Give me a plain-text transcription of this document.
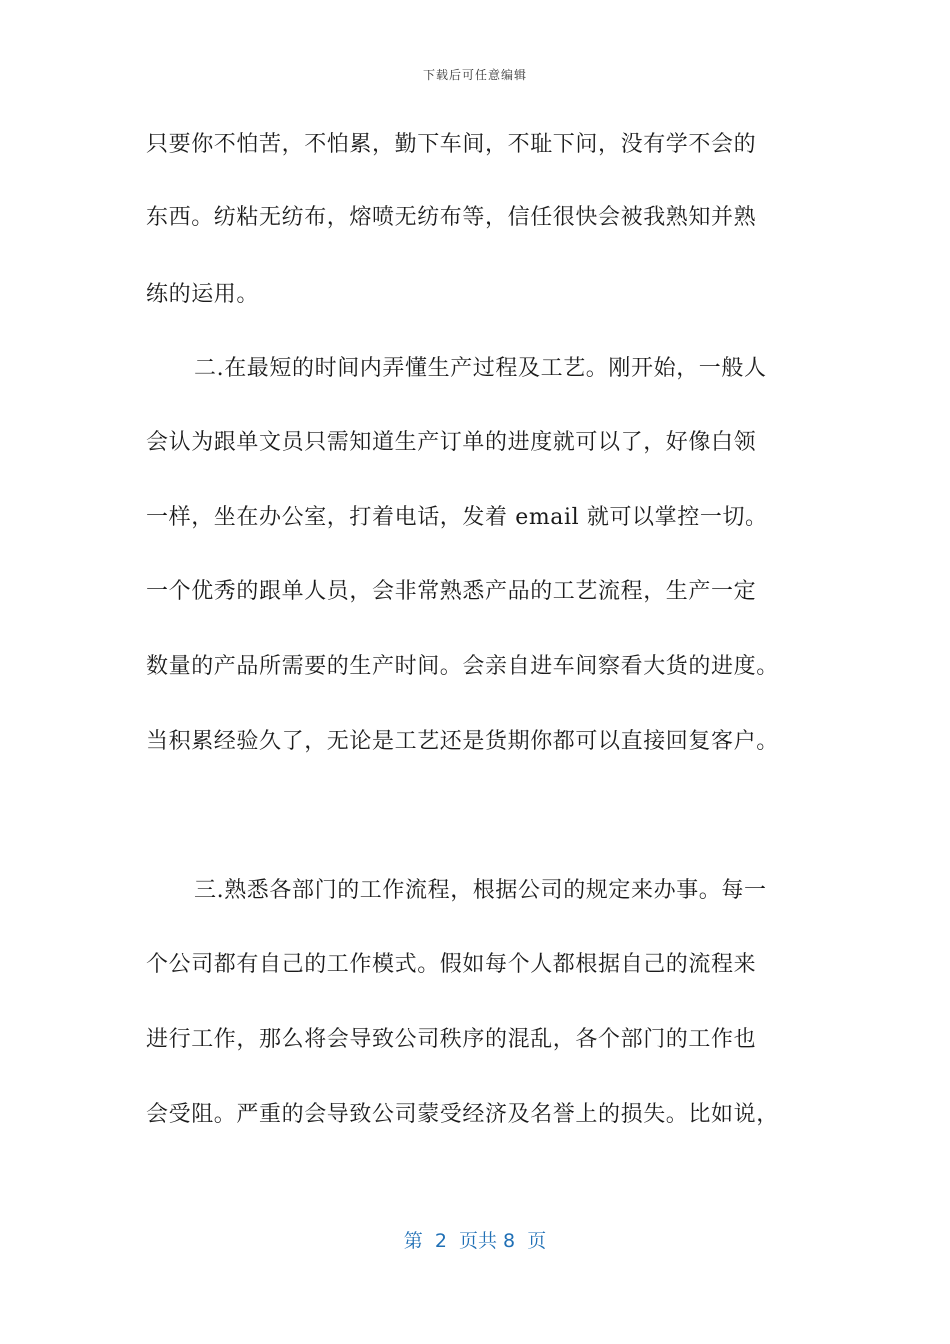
下载后可任意编辑
只要你不怕苦，不怕累，勤下车间，不耻下问，没有学不会的
东西。纺粘无纺布，熔喷无纺布等，信任很快会被我熟知并熟
练的运用。
二.在最短的时间内弄懂生产过程及工艺。刚开始，一般人
会认为跟单文员只需知道生产订单的进度就可以了，好像白领
一样，坐在办公室，打着电话，发着 email 就可以掌控一切。
一个优秀的跟单人员，会非常熟悉产品的工艺流程，生产一定
数量的产品所需要的生产时间。会亲自进车间察看大货的进度。
当积累经验久了，无论是工艺还是货期你都可以直接回复客户。
三.熟悉各部门的工作流程，根据公司的规定来办事。每一
个公司都有自己的工作模式。假如每个人都根据自己的流程来
进行工作，那么将会导致公司秩序的混乱，各个部门的工作也
会受阻。严重的会导致公司蒙受经济及名誉上的损失。比如说，
第  2  页共 8  页
